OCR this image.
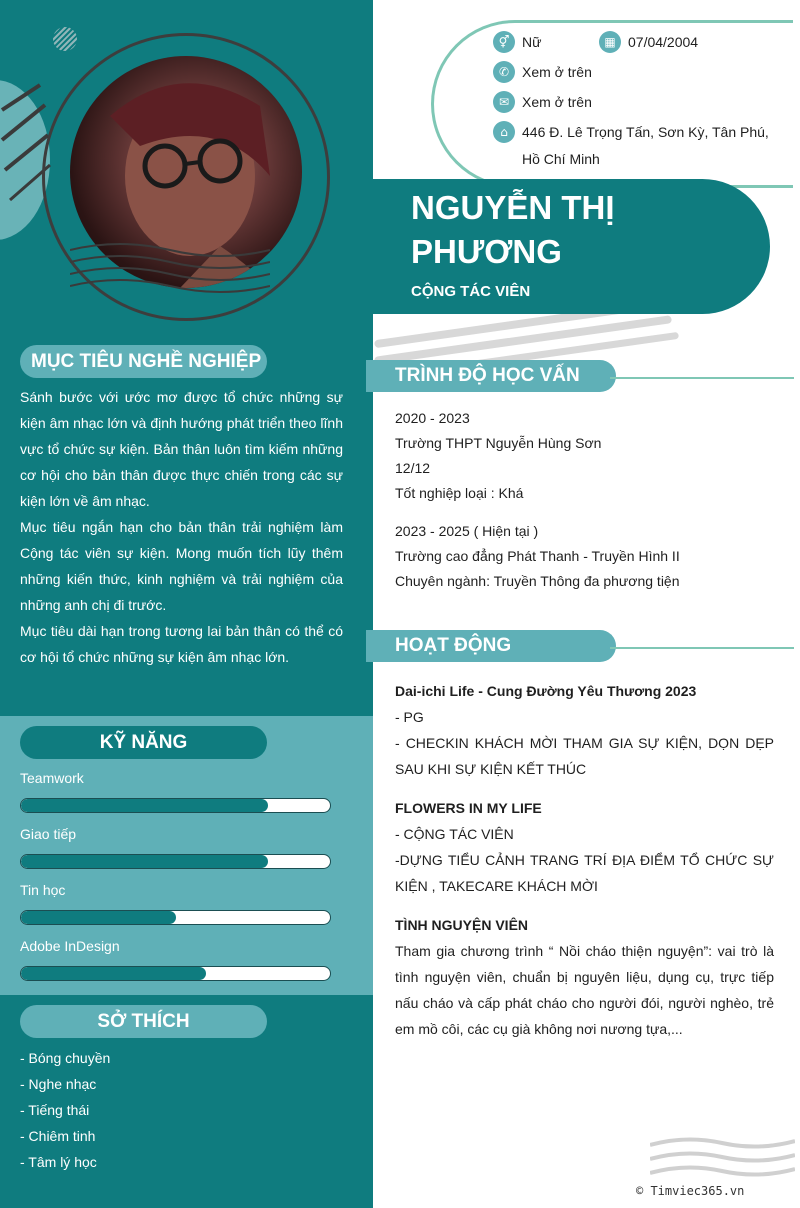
MỤC TIÊU NGHỀ NGHIỆP

Sánh bước với ước mơ được tổ chức những sự kiện âm nhạc lớn và định hướng phát triển theo lĩnh vực tổ chức sự kiện. Bản thân luôn tìm kiếm những cơ hội cho bản thân được thực chiến trong các sự kiện lớn về âm nhạc.

Mục tiêu ngắn hạn cho bản thân trải nghiệm làm Cộng tác viên sự kiện. Mong muốn tích lũy thêm những kiến thức, kinh nghiệm và trải nghiệm của những anh chị đi trước.

Mục tiêu dài hạn trong tương lai bản thân có thể có cơ hội tổ chức những sự kiện âm nhạc lớn.

KỸ NĂNG
Teamwork
Giao tiếp
Tin học
Adobe InDesign
SỞ THÍCH
- Bóng chuyền
- Nghe nhạc
- Tiếng thái
- Chiêm tinh
- Tâm lý học
⚥ Nữ	▦ 07/04/2004
✆ Xem ở trên
✉ Xem ở trên
⌂	446 Đ. Lê Trọng Tấn, Sơn Kỳ, Tân Phú,
Hồ Chí Minh
NGUYỄN THỊ
PHƯƠNG
CỘNG TÁC VIÊN
TRÌNH ĐỘ HỌC VẤN
2020 - 2023
Trường THPT Nguyễn Hùng Sơn
12/12
Tốt nghiệp loại : Khá
2023 - 2025 ( Hiện tại )
Trường cao đẳng Phát Thanh - Truyền Hình II
Chuyên ngành: Truyền Thông đa phương tiện
HOẠT ĐỘNG
Dai-ichi Life - Cung Đường Yêu Thương 2023
- PG
- CHECKIN KHÁCH MỜI THAM GIA SỰ KIỆN, DỌN DẸP SAU KHI SỰ KIỆN KẾT THÚC
FLOWERS IN MY LIFE
- CỘNG TÁC VIÊN
-DỰNG TIỂU CẢNH TRANG TRÍ ĐỊA ĐIỂM TỔ CHỨC SỰ KIỆN , TAKECARE KHÁCH MỜI
TÌNH NGUYỆN VIÊN
Tham gia chương trình “ Nồi cháo thiện nguyện”: vai trò là tình nguyện viên, chuẩn bị nguyên liệu, dụng cụ, trực tiếp nấu cháo và cấp phát cháo cho người đói, người nghèo, trẻ em mồ côi, các cụ già không nơi nương tựa,...
© Timviec365.vn
